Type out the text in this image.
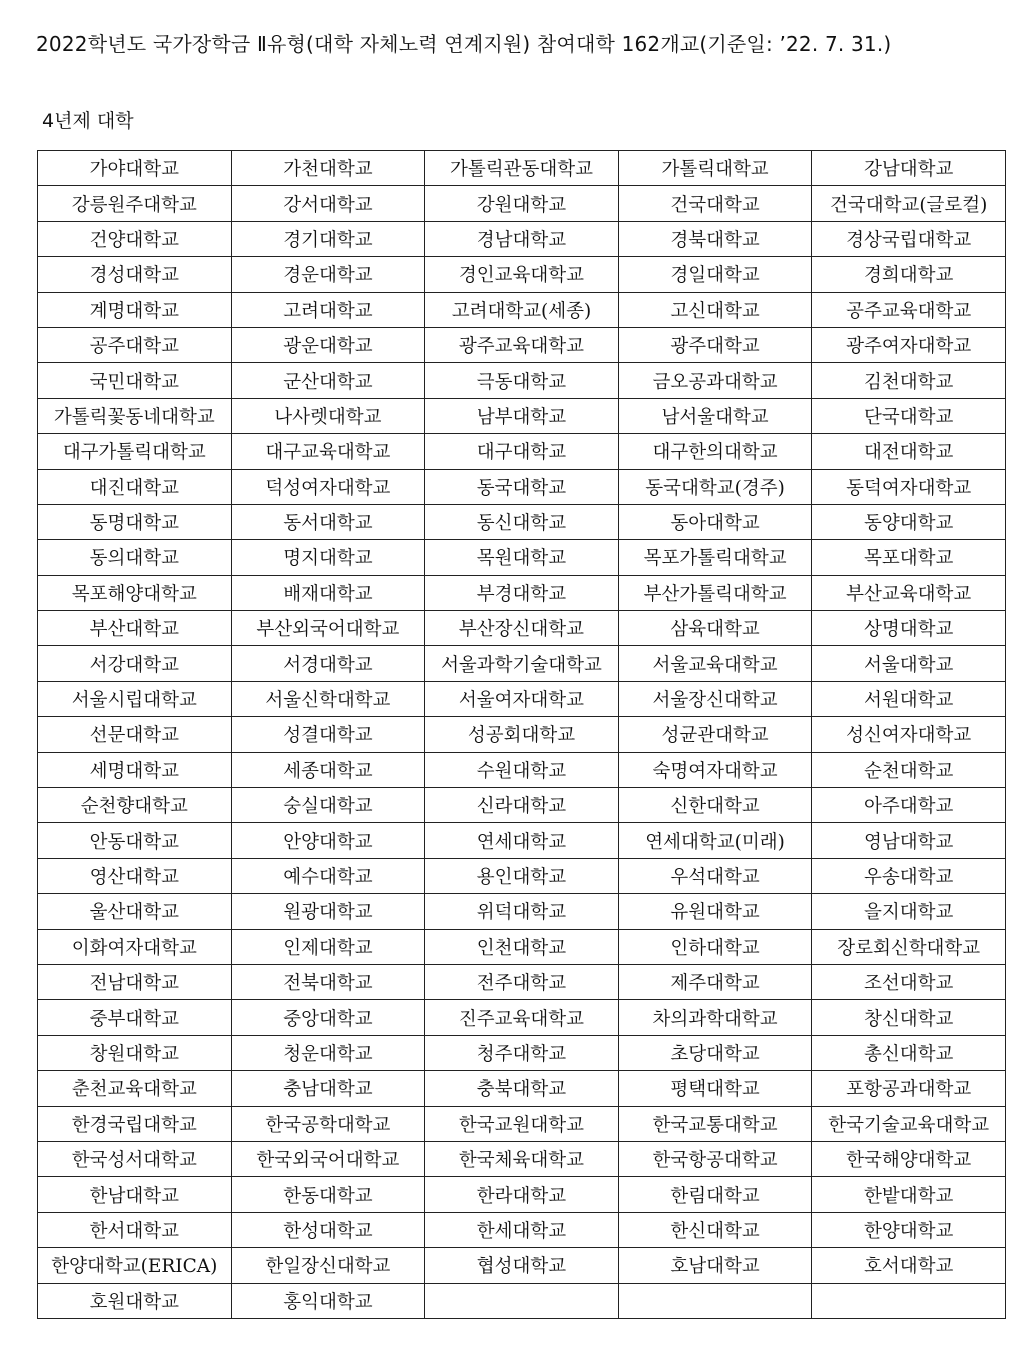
2022학년도 국가장학금 Ⅱ유형(대학 자체노력 연계지원) 참여대학 162개교(기준일: ’22. 7. 31.)
4년제 대학
가야대학교	가천대학교	가톨릭관동대학교	가톨릭대학교	강남대학교
강릉원주대학교	강서대학교	강원대학교	건국대학교	건국대학교(글로컬)
건양대학교	경기대학교	경남대학교	경북대학교	경상국립대학교
경성대학교	경운대학교	경인교육대학교	경일대학교	경희대학교
계명대학교	고려대학교	고려대학교(세종)	고신대학교	공주교육대학교
공주대학교	광운대학교	광주교육대학교	광주대학교	광주여자대학교
국민대학교	군산대학교	극동대학교	금오공과대학교	김천대학교
가톨릭꽃동네대학교	나사렛대학교	남부대학교	남서울대학교	단국대학교
대구가톨릭대학교	대구교육대학교	대구대학교	대구한의대학교	대전대학교
대진대학교	덕성여자대학교	동국대학교	동국대학교(경주)	동덕여자대학교
동명대학교	동서대학교	동신대학교	동아대학교	동양대학교
동의대학교	명지대학교	목원대학교	목포가톨릭대학교	목포대학교
목포해양대학교	배재대학교	부경대학교	부산가톨릭대학교	부산교육대학교
부산대학교	부산외국어대학교	부산장신대학교	삼육대학교	상명대학교
서강대학교	서경대학교	서울과학기술대학교	서울교육대학교	서울대학교
서울시립대학교	서울신학대학교	서울여자대학교	서울장신대학교	서원대학교
선문대학교	성결대학교	성공회대학교	성균관대학교	성신여자대학교
세명대학교	세종대학교	수원대학교	숙명여자대학교	순천대학교
순천향대학교	숭실대학교	신라대학교	신한대학교	아주대학교
안동대학교	안양대학교	연세대학교	연세대학교(미래)	영남대학교
영산대학교	예수대학교	용인대학교	우석대학교	우송대학교
울산대학교	원광대학교	위덕대학교	유원대학교	을지대학교
이화여자대학교	인제대학교	인천대학교	인하대학교	장로회신학대학교
전남대학교	전북대학교	전주대학교	제주대학교	조선대학교
중부대학교	중앙대학교	진주교육대학교	차의과학대학교	창신대학교
창원대학교	청운대학교	청주대학교	초당대학교	총신대학교
춘천교육대학교	충남대학교	충북대학교	평택대학교	포항공과대학교
한경국립대학교	한국공학대학교	한국교원대학교	한국교통대학교	한국기술교육대학교
한국성서대학교	한국외국어대학교	한국체육대학교	한국항공대학교	한국해양대학교
한남대학교	한동대학교	한라대학교	한림대학교	한밭대학교
한서대학교	한성대학교	한세대학교	한신대학교	한양대학교
한양대학교(ERICA)	한일장신대학교	협성대학교	호남대학교	호서대학교
호원대학교	홍익대학교			
